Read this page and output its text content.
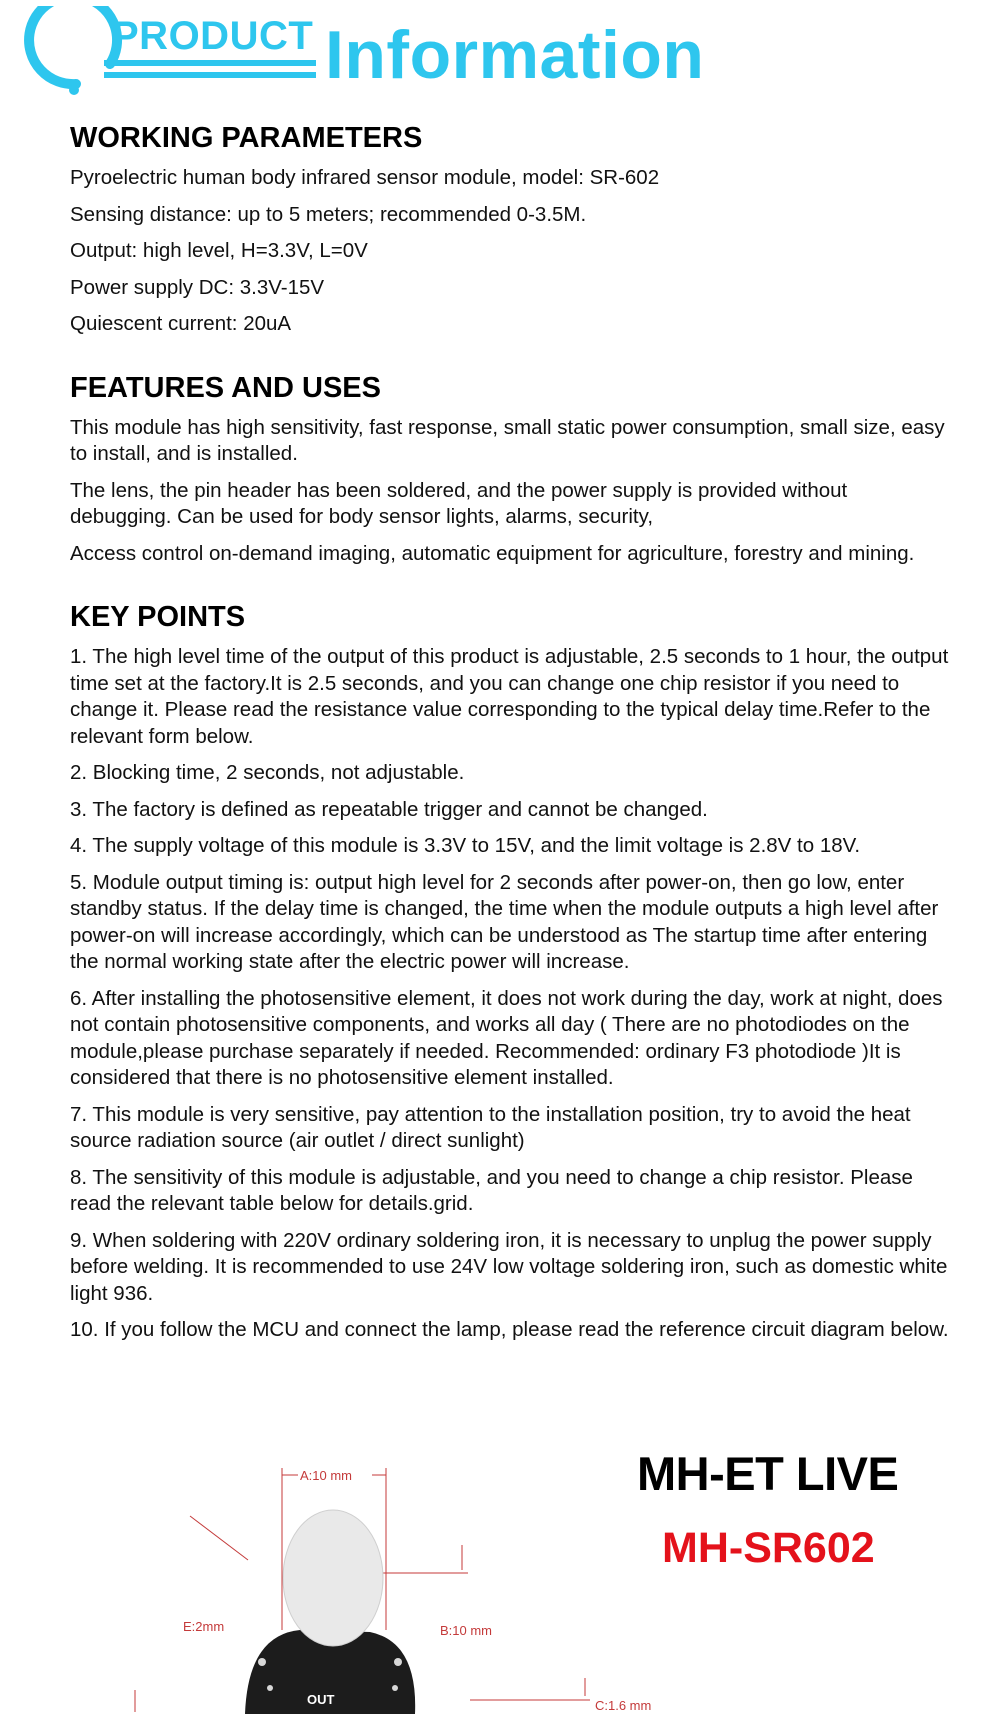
PRODUCT Information
WORKING PARAMETERS

Pyroelectric human body infrared sensor module, model: SR-602

Sensing distance: up to 5 meters; recommended 0-3.5M.

Output: high level, H=3.3V, L=0V

Power supply DC: 3.3V-15V

Quiescent current: 20uA

FEATURES AND USES

This module has high sensitivity, fast response, small static power consumption, small size, easy to install, and is installed.

The lens, the pin header has been soldered, and the power supply is provided without debugging. Can be used for body sensor lights, alarms, security,

Access control on-demand imaging, automatic equipment for agriculture, forestry and mining.

KEY POINTS

1. The high level time of the output of this product is adjustable, 2.5 seconds to 1 hour, the output time set at the factory.It is 2.5 seconds, and you can change one chip resistor if you need to change it. Please read the resistance value corresponding to the typical delay time.Refer to the relevant form below.

2. Blocking time, 2 seconds, not adjustable.

3. The factory is defined as repeatable trigger and cannot be changed.

4. The supply voltage of this module is 3.3V to 15V, and the limit voltage is 2.8V to 18V.

5. Module output timing is: output high level for 2 seconds after power-on, then go low, enter standby status. If the delay time is changed, the time when the module outputs a high level after power-on will increase accordingly, which can be understood as The startup time after entering the normal working state after the electric power will increase.

6. After installing the photosensitive element, it does not work during the day, work at night, does not contain photosensitive components, and works all day ( There are no photodiodes on the module,please purchase separately if needed. Recommended: ordinary F3 photodiode )It is considered that there is no photosensitive element installed.

7. This module is very sensitive, pay attention to the installation position, try to avoid the heat source radiation source (air outlet / direct sunlight)

8. The sensitivity of this module is adjustable, and you need to change a chip resistor. Please read the relevant table below for details.grid.

9. When soldering with 220V ordinary soldering iron, it is necessary to unplug the power supply before welding. It is recommended to use 24V low voltage soldering iron, such as domestic white light 936.

10. If you follow the MCU and connect the lamp, please read the reference circuit diagram below.

A:10 mm
B:10 mm
C:1.6 mm
E:2mm
OUT
MH-ET LIVE
MH-SR602
